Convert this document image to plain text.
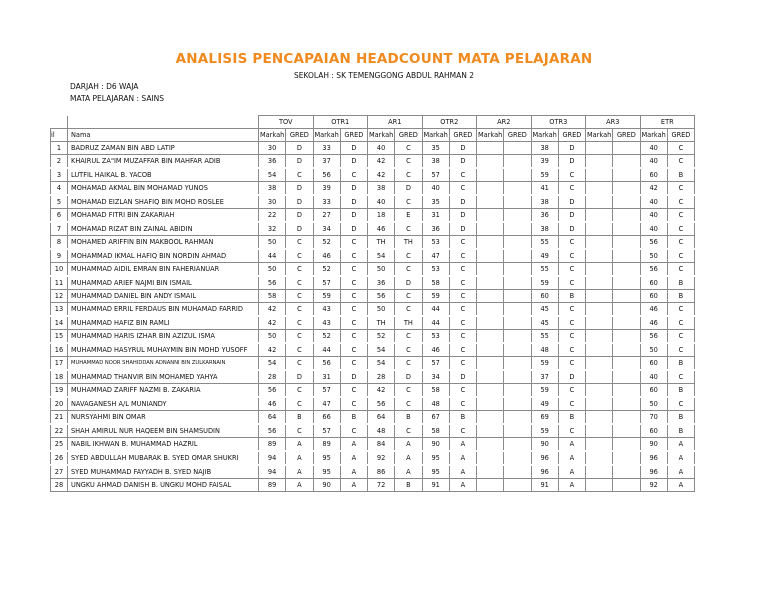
ANALISIS PENCAPAIAN HEADCOUNT MATA PELAJARAN
SEKOLAH : SK TEMENGGONG ABDUL RAHMAN 2
DARJAH : D6 WAJA
MATA PELAJARAN : SAINS
		TOV		OTR1		AR1		OTR2		AR2		OTR3		AR3		ETR	
il	Nama	Markah	GRED	Markah	GRED	Markah	GRED	Markah	GRED	Markah	GRED	Markah	GRED	Markah	GRED	Markah	GRED
1	BADRUZ ZAMAN BIN ABD LATIP	30	D	33	D	40	C	35	D			38	D			40	C
2	KHAIRUL ZA"IM MUZAFFAR BIN MAHFAR ADIB	36	D	37	D	42	C	38	D			39	D			40	C
3	LUTFIL HAIKAL B. YACOB	54	C	56	C	42	C	57	C			59	C			60	B
4	MOHAMAD AKMAL BIN MOHAMAD YUNOS	38	D	39	D	38	D	40	C			41	C			42	C
5	MOHAMAD EIZLAN SHAFIQ BIN MOHD ROSLEE	30	D	33	D	40	C	35	D			38	D			40	C
6	MOHAMAD FITRI BIN ZAKARIAH	22	D	27	D	18	E	31	D			36	D			40	C
7	MOHAMAD RIZAT BIN ZAINAL ABIDIN	32	D	34	D	46	C	36	D			38	D			40	C
8	MOHAMED ARIFFIN BIN MAKBOOL RAHMAN	50	C	52	C	TH	TH	53	C			55	C			56	C
9	MOHAMMAD IKMAL HAFIQ BIN NORDIN AHMAD	44	C	46	C	54	C	47	C			49	C			50	C
10	MUHAMMAD AIDIL EMRAN BIN FAHERIANUAR	50	C	52	C	50	C	53	C			55	C			56	C
11	MUHAMMAD ARIEF NAJMI BIN ISMAIL	56	C	57	C	36	D	58	C			59	C			60	B
12	MUHAMMAD DANIEL BIN ANDY ISMAIL	58	C	59	C	56	C	59	C			60	B			60	B
13	MUHAMMAD ERRIL FERDAUS BIN MUHAMAD FARRID	42	C	43	C	50	C	44	C			45	C			46	C
14	MUHAMMAD HAFIZ BIN RAMLI	42	C	43	C	TH	TH	44	C			45	C			46	C
15	MUHAMMAD HARIS IZHAR BIN AZIZUL ISMA	50	C	52	C	52	C	53	C			55	C			56	C
16	MUHAMMAD HASYRUL MUHAYMIN BIN MOHD YUSOFF	42	C	44	C	54	C	46	C			48	C			50	C
17	MUHAMMAD NOOR SHAHIDDAN ADNANNI BIN ZULKARNAIN	54	C	56	C	54	C	57	C			59	C			60	B
18	MUHAMMAD THANVIR BIN MOHAMED YAHYA	28	D	31	D	28	D	34	D			37	D			40	C
19	MUHAMMAD ZARIFF NAZMI B. ZAKARIA	56	C	57	C	42	C	58	C			59	C			60	B
20	NAVAGANESH A/L MUNIANDY	46	C	47	C	56	C	48	C			49	C			50	C
21	NURSYAHMI BIN OMAR	64	B	66	B	64	B	67	B			69	B			70	B
22	SHAH AMIRUL NUR HAQEEM BIN SHAMSUDIN	56	C	57	C	48	C	58	C			59	C			60	B
25	NABIL IKHWAN B. MUHAMMAD HAZRIL	89	A	89	A	84	A	90	A			90	A			90	A
26	SYED ABDULLAH MUBARAK B. SYED OMAR SHUKRI	94	A	95	A	92	A	95	A			96	A			96	A
27	SYED MUHAMMAD FAYYADH B. SYED NAJIB	94	A	95	A	86	A	95	A			96	A			96	A
28	UNGKU AHMAD DANISH B. UNGKU MOHD FAISAL	89	A	90	A	72	B	91	A			91	A			92	A
